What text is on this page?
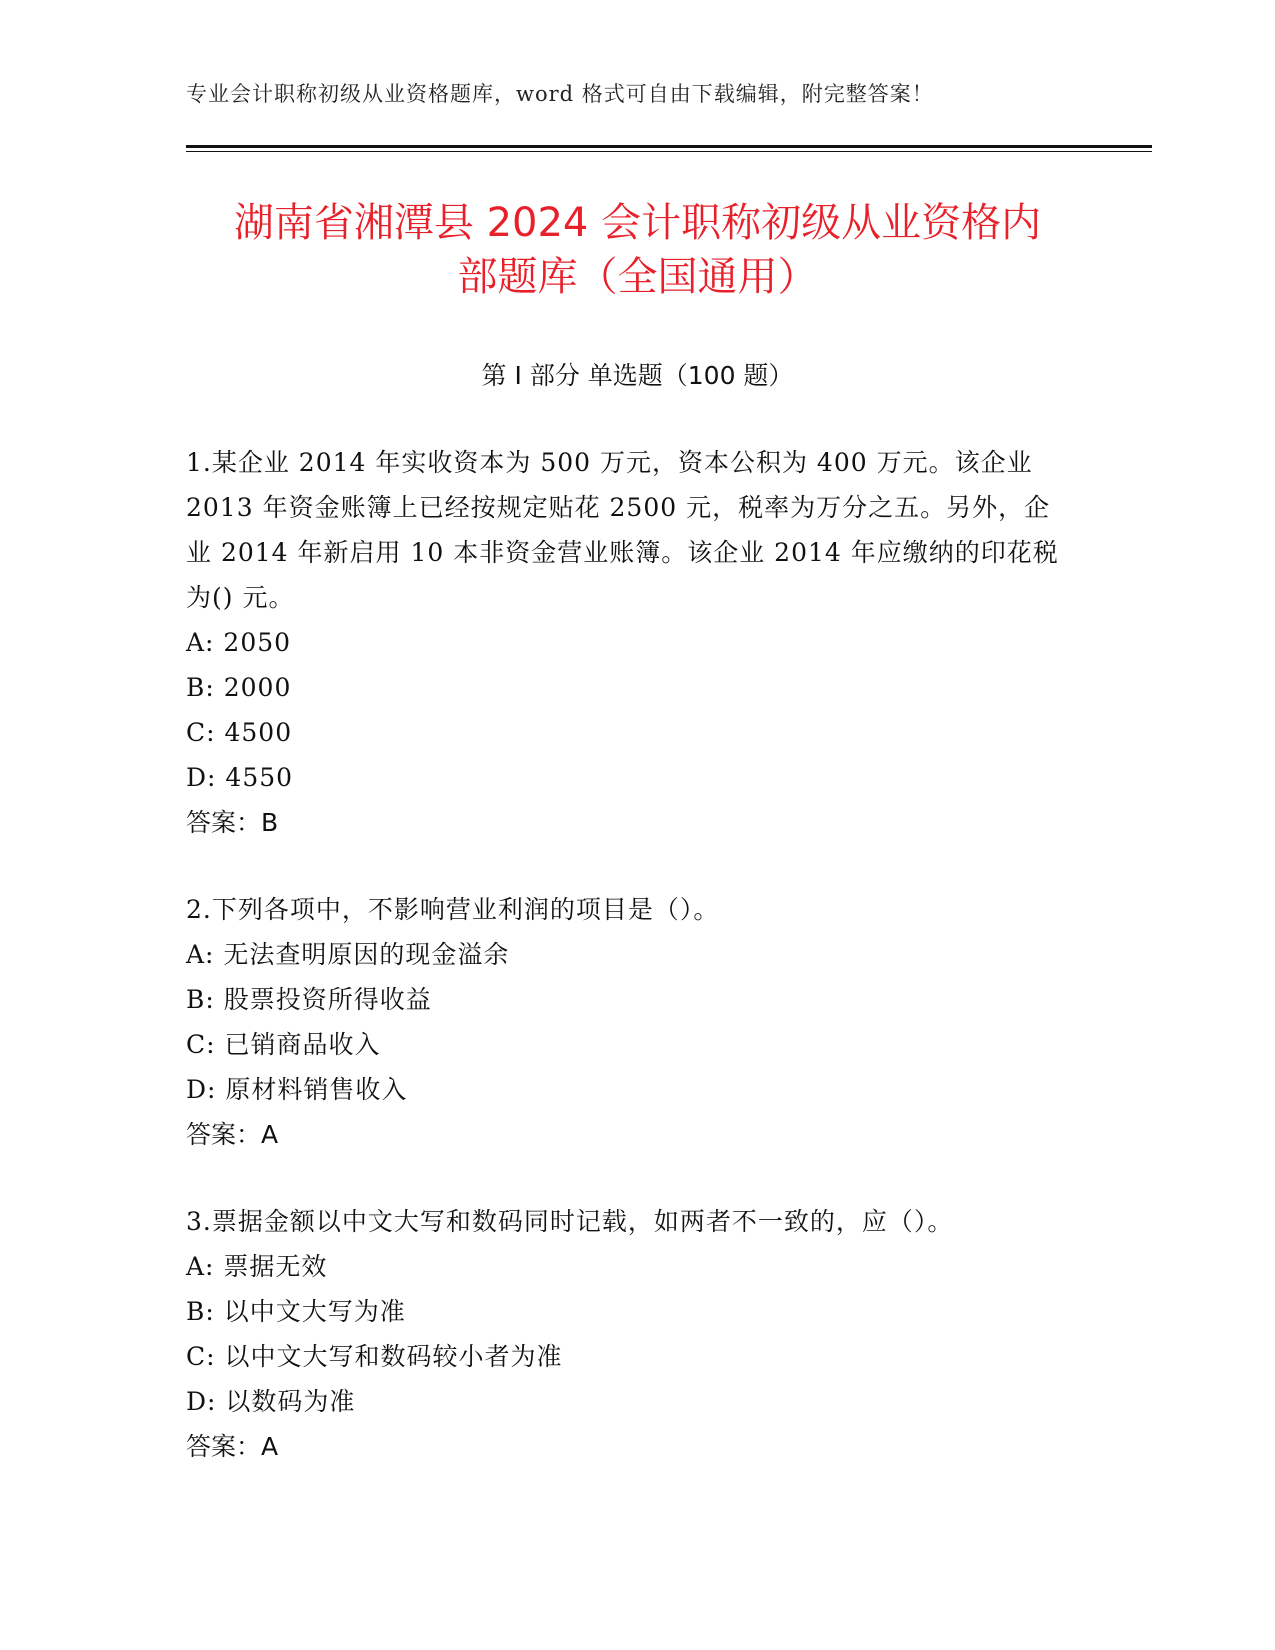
专业会计职称初级从业资格题库，word 格式可自由下载编辑，附完整答案！
湖南省湘潭县 2024 会计职称初级从业资格内
部题库（全国通用）
第 I 部分 单选题（100 题）

1.某企业 2014 年实收资本为 500 万元，资本公积为 400 万元。该企业 2013 年资金账簿上已经按规定贴花 2500 元，税率为万分之五。另外，企业 2014 年新启用 10 本非资金营业账簿。该企业 2014 年应缴纳的印花税为() 元。

A: 2050
B: 2000
C: 4500
D: 4550

答案：B

2.下列各项中，不影响营业利润的项目是（）。

A: 无法查明原因的现金溢余
B: 股票投资所得收益
C: 已销商品收入
D: 原材料销售收入

答案：A

3.票据金额以中文大写和数码同时记载，如两者不一致的，应（）。

A: 票据无效
B: 以中文大写为准
C: 以中文大写和数码较小者为准
D: 以数码为准

答案：A
